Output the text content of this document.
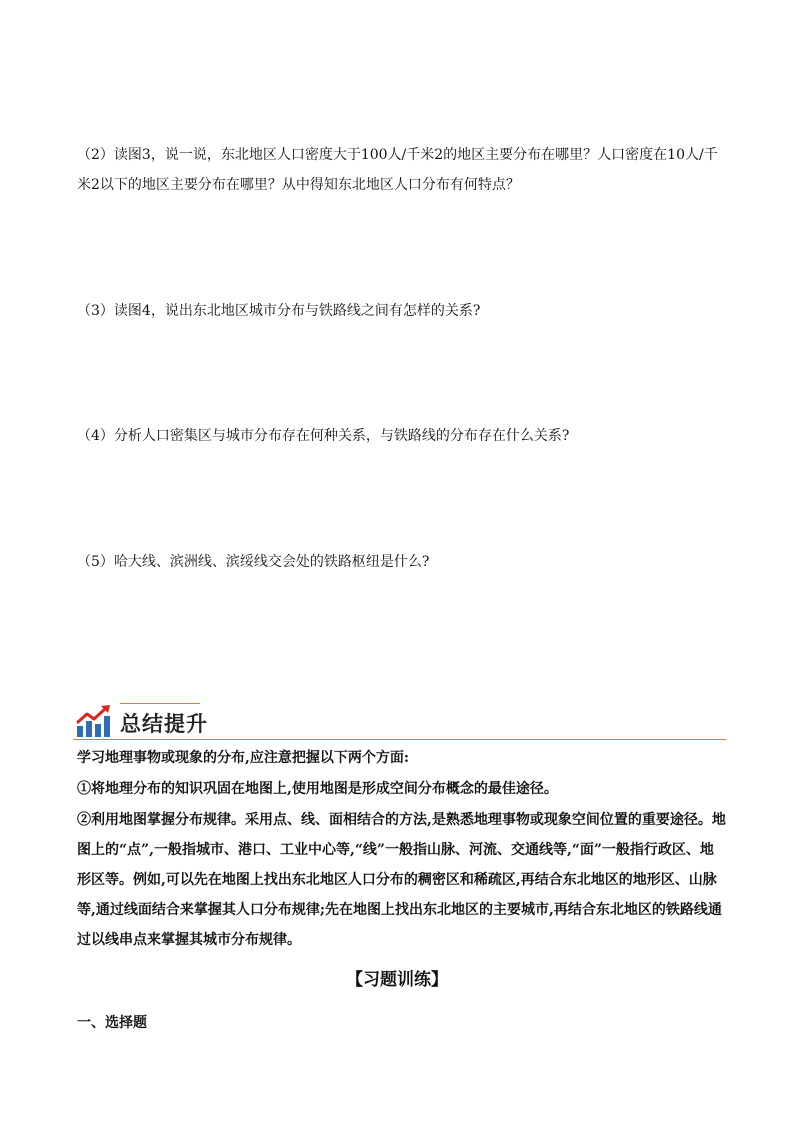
（2）读图3，说一说，东北地区人口密度大于100人/千米2的地区主要分布在哪里？人口密度在10人/千米2以下的地区主要分布在哪里？从中得知东北地区人口分布有何特点？

（3）读图4，说出东北地区城市分布与铁路线之间有怎样的关系?

（4）分析人口密集区与城市分布存在何种关系，与铁路线的分布存在什么关系?

（5）哈大线、滨洲线、滨绥线交会处的铁路枢纽是什么?

总结提升

学习地理事物或现象的分布,应注意把握以下两个方面:

①将地理分布的知识巩固在地图上,使用地图是形成空间分布概念的最佳途径。

②利用地图掌握分布规律。采用点、线、面相结合的方法,是熟悉地理事物或现象空间位置的重要途径。地图上的“点”,一般指城市、港口、工业中心等,“线”一般指山脉、河流、交通线等,“面”一般指行政区、地形区等。例如,可以先在地图上找出东北地区人口分布的稠密区和稀疏区,再结合东北地区的地形区、山脉等,通过线面结合来掌握其人口分布规律;先在地图上找出东北地区的主要城市,再结合东北地区的铁路线通过以线串点来掌握其城市分布规律。

【习题训练】

一、选择题
